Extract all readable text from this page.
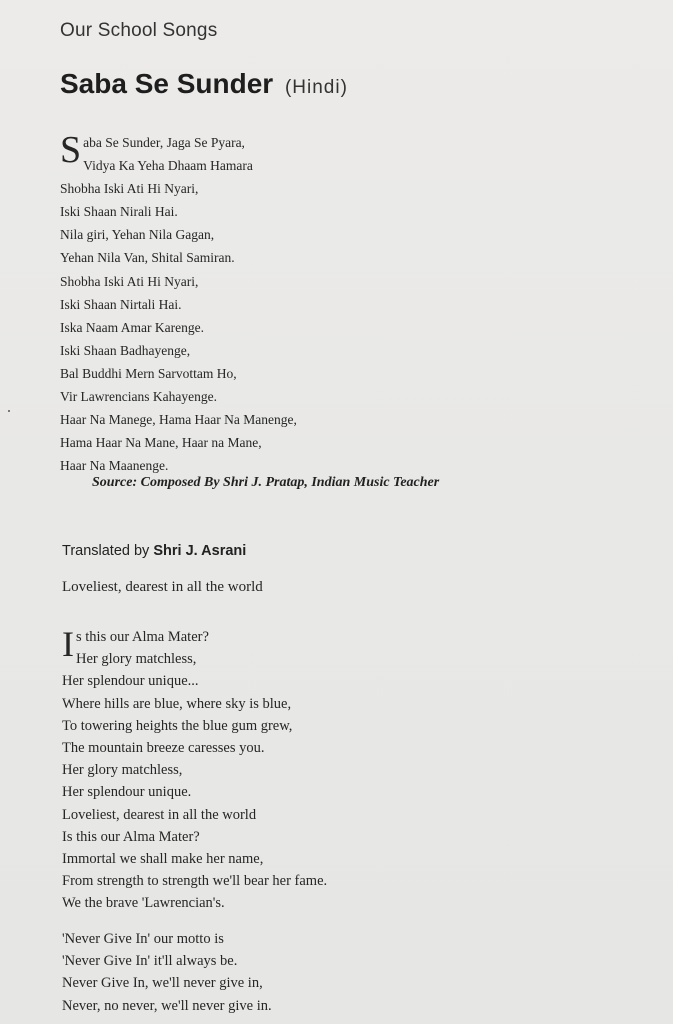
Our School Songs
Saba Se Sunder (Hindi)
S aba Se Sunder, Jaga Se Pyara,
Vidya Ka Yeha Dhaam Hamara
Shobha Iski Ati Hi Nyari,
Iski Shaan Nirali Hai.
Nila giri, Yehan Nila Gagan,
Yehan Nila Van, Shital Samiran.
Shobha Iski Ati Hi Nyari,
Iski Shaan Nirtali Hai.
Iska Naam Amar Karenge.
Iski Shaan Badhayenge,
Bal Buddhi Mern Sarvottam Ho,
Vir Lawrencians Kahayenge.
Haar Na Manege, Hama Haar Na Manenge,
Hama Haar Na Mane, Haar na Mane,
Haar Na Maanenge.
Source: Composed By Shri J. Pratap, Indian Music Teacher
Translated by Shri J. Asrani
Loveliest, dearest in all the world
I s this our Alma Mater?
Her glory matchless,
Her splendour unique...
Where hills are blue, where sky is blue,
To towering heights the blue gum grew,
The mountain breeze caresses you.
Her glory matchless,
Her splendour unique.
Loveliest, dearest in all the world
Is this our Alma Mater?
Immortal we shall make her name,
From strength to strength we'll bear her fame.
We the brave 'Lawrencian's.
'Never Give In' our motto is
'Never Give In' it'll always be.
Never Give In, we'll never give in,
Never, no never, we'll never give in.
